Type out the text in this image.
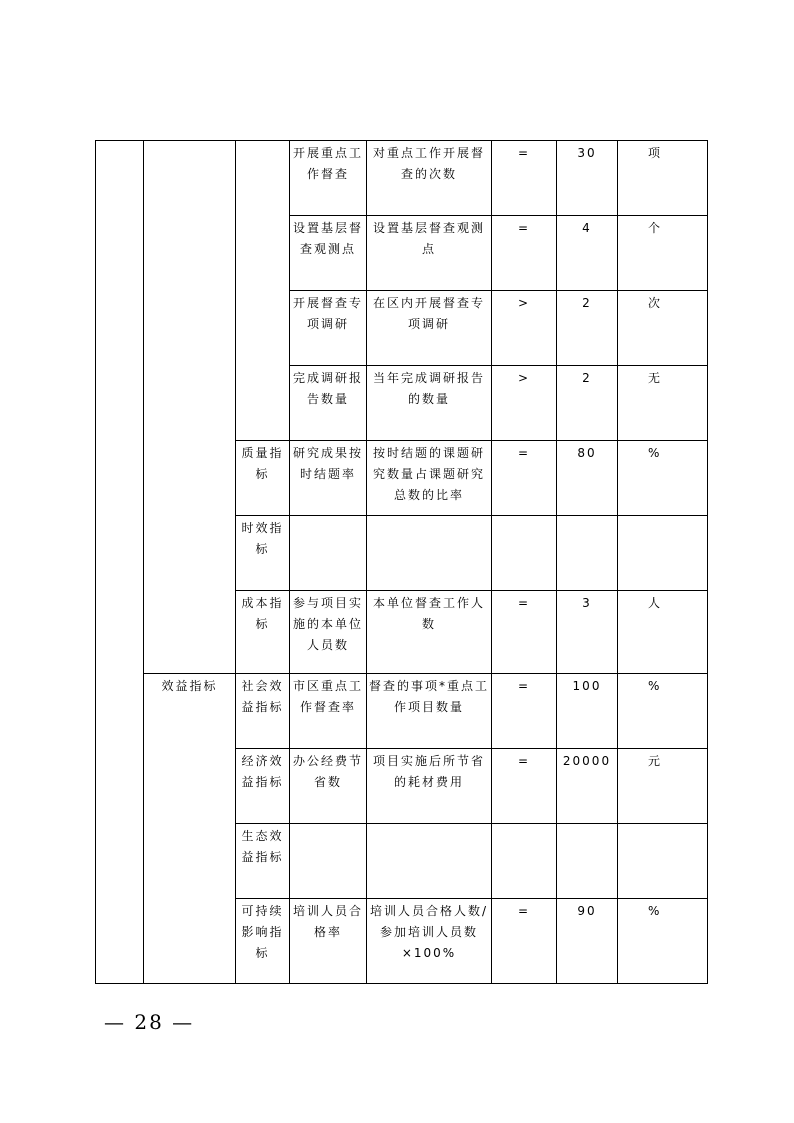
			开展重点工作督查	对重点工作开展督查的次数	=	30	项
			设置基层督查观测点	设置基层督查观测点	=	4	个
			开展督查专项调研	在区内开展督查专项调研	>	2	次
			完成调研报告数量	当年完成调研报告的数量	>	2	无
		质量指标	研究成果按时结题率	按时结题的课题研究数量占课题研究总数的比率	=	80	%
		时效指标					
		成本指标	参与项目实施的本单位人员数	本单位督查工作人数	=	3	人
	效益指标	社会效益指标	市区重点工作督查率	督查的事项*重点工作项目数量	=	100	%
		经济效益指标	办公经费节省数	项目实施后所节省的耗材费用	=	20000	元
		生态效益指标					
		可持续影响指标	培训人员合格率	培训人员合格人数/参加培训人员数×100%	=	90	%
— 28 —
